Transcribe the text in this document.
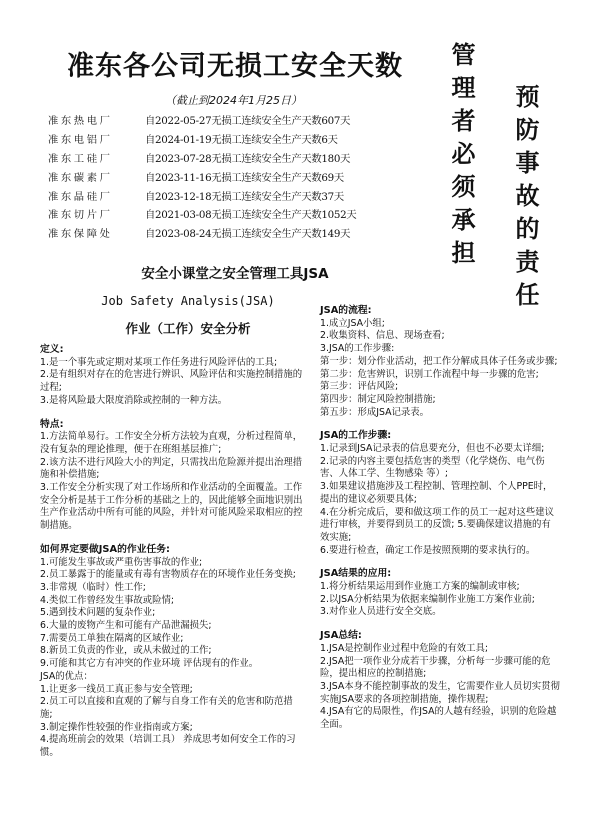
准东各公司无损工安全天数
（截止到2024年1月25日）
准东热电厂	自2022-05-27无损工连续安全生产天数607天
准东电铝厂	自2024-01-19无损工连续安全生产天数6天
准东工硅厂	自2023-07-28无损工连续安全生产天数180天
准东碳素厂	自2023-11-16无损工连续安全生产天数69天
准东晶硅厂	自2023-12-18无损工连续安全生产天数37天
准东切片厂	自2021-03-08无损工连续安全生产天数1052天
准东保障处	自2023-08-24无损工连续安全生产天数149天	管理者必须承担 预防事故的责任
安全小课堂之安全管理工具JSA
Job Safety Analysis(JSA)
作业（工作）安全分析
定义:
1.是一个事先或定期对某项工作任务进行风险评估的工具;
2.是有组织对存在的危害进行辨识、风险评估和实施控制措施的过程;
3.是将风险最大限度消除或控制的一种方法。
特点:
1.方法简单易行。工作安全分析方法较为直观，分析过程简单，没有复杂的理论推理，便于在班组基层推广;
2.该方法不进行风险大小的判定，只需找出危险源并提出治理措施和补偿措施;
3.工作安全分析实现了对工作场所和作业活动的全面覆盖。工作安全分析是基于工作分析的基础之上的，因此能够全面地识别出生产作业活动中所有可能的风险，并针对可能风险采取相应的控制措施。
如何界定要做JSA的作业任务:
1.可能发生事故或严重伤害事故的作业;
2.员工暴露于的能量或有毒有害物质存在的环境作业任务变换;
3.非常规（临时）性工作;
4.类似工作曾经发生事故或险情;
5.遇到技术问题的复杂作业;
6.大量的废物产生和可能有产品泄漏损失;
7.需要员工单独在隔离的区域作业;
8.新员工负责的作业，或从未做过的工作;
9.可能和其它方有冲突的作业环境 评估现有的作业。
JSA的优点：
1.让更多一线员工真正参与安全管理;
2.员工可以直接和直观的了解与自身工作有关的危害和防范措施;
3.制定操作性较强的作业指南或方案;
4.提高班前会的效果（培训工具） 养成思考如何安全工作的习惯。
JSA的流程:
1.成立JSA小组;
2.收集资料、信息、现场查看;
3.JSA的工作步骤:
第一步：划分作业活动，把工作分解成具体子任务或步骤;
第二步：危害辨识，识别工作流程中每一步骤的危害;
第三步：评估风险;
第四步：制定风险控制措施;
第五步：形成JSA记录表。
JSA的工作步骤:
1.记录到JSA记录表的信息要充分，但也不必要太详细;
2.记录的内容主要包括危害的类型（化学烧伤、电气伤害、人体工学、生物感染 等）;
3.如果建议措施涉及工程控制、管理控制、个人PPE时，提出的建议必须要具体;
4.在分析完成后，要和做这项工作的员工一起对这些建议进行审核，并要得到员工的反馈; 5.要确保建议措施的有效实施;
6.要进行检查，确定工作是按照预期的要求执行的。
JSA结果的应用:
1.将分析结果运用到作业施工方案的编制或审核;
2.以JSA分析结果为依据来编制作业施工方案作业前;
3.对作业人员进行安全交底。
JSA总结:
1.JSA是控制作业过程中危险的有效工具;
2.JSA把一项作业分成若干步骤，分析每一步骤可能的危险，提出相应的控制措施;
3.JSA本身不能控制事故的发生，它需要作业人员切实贯彻实施JSA要求的各项控制措施，操作规程;
4.JSA有它的局限性，作JSA的人越有经验，识别的危险越全面。
